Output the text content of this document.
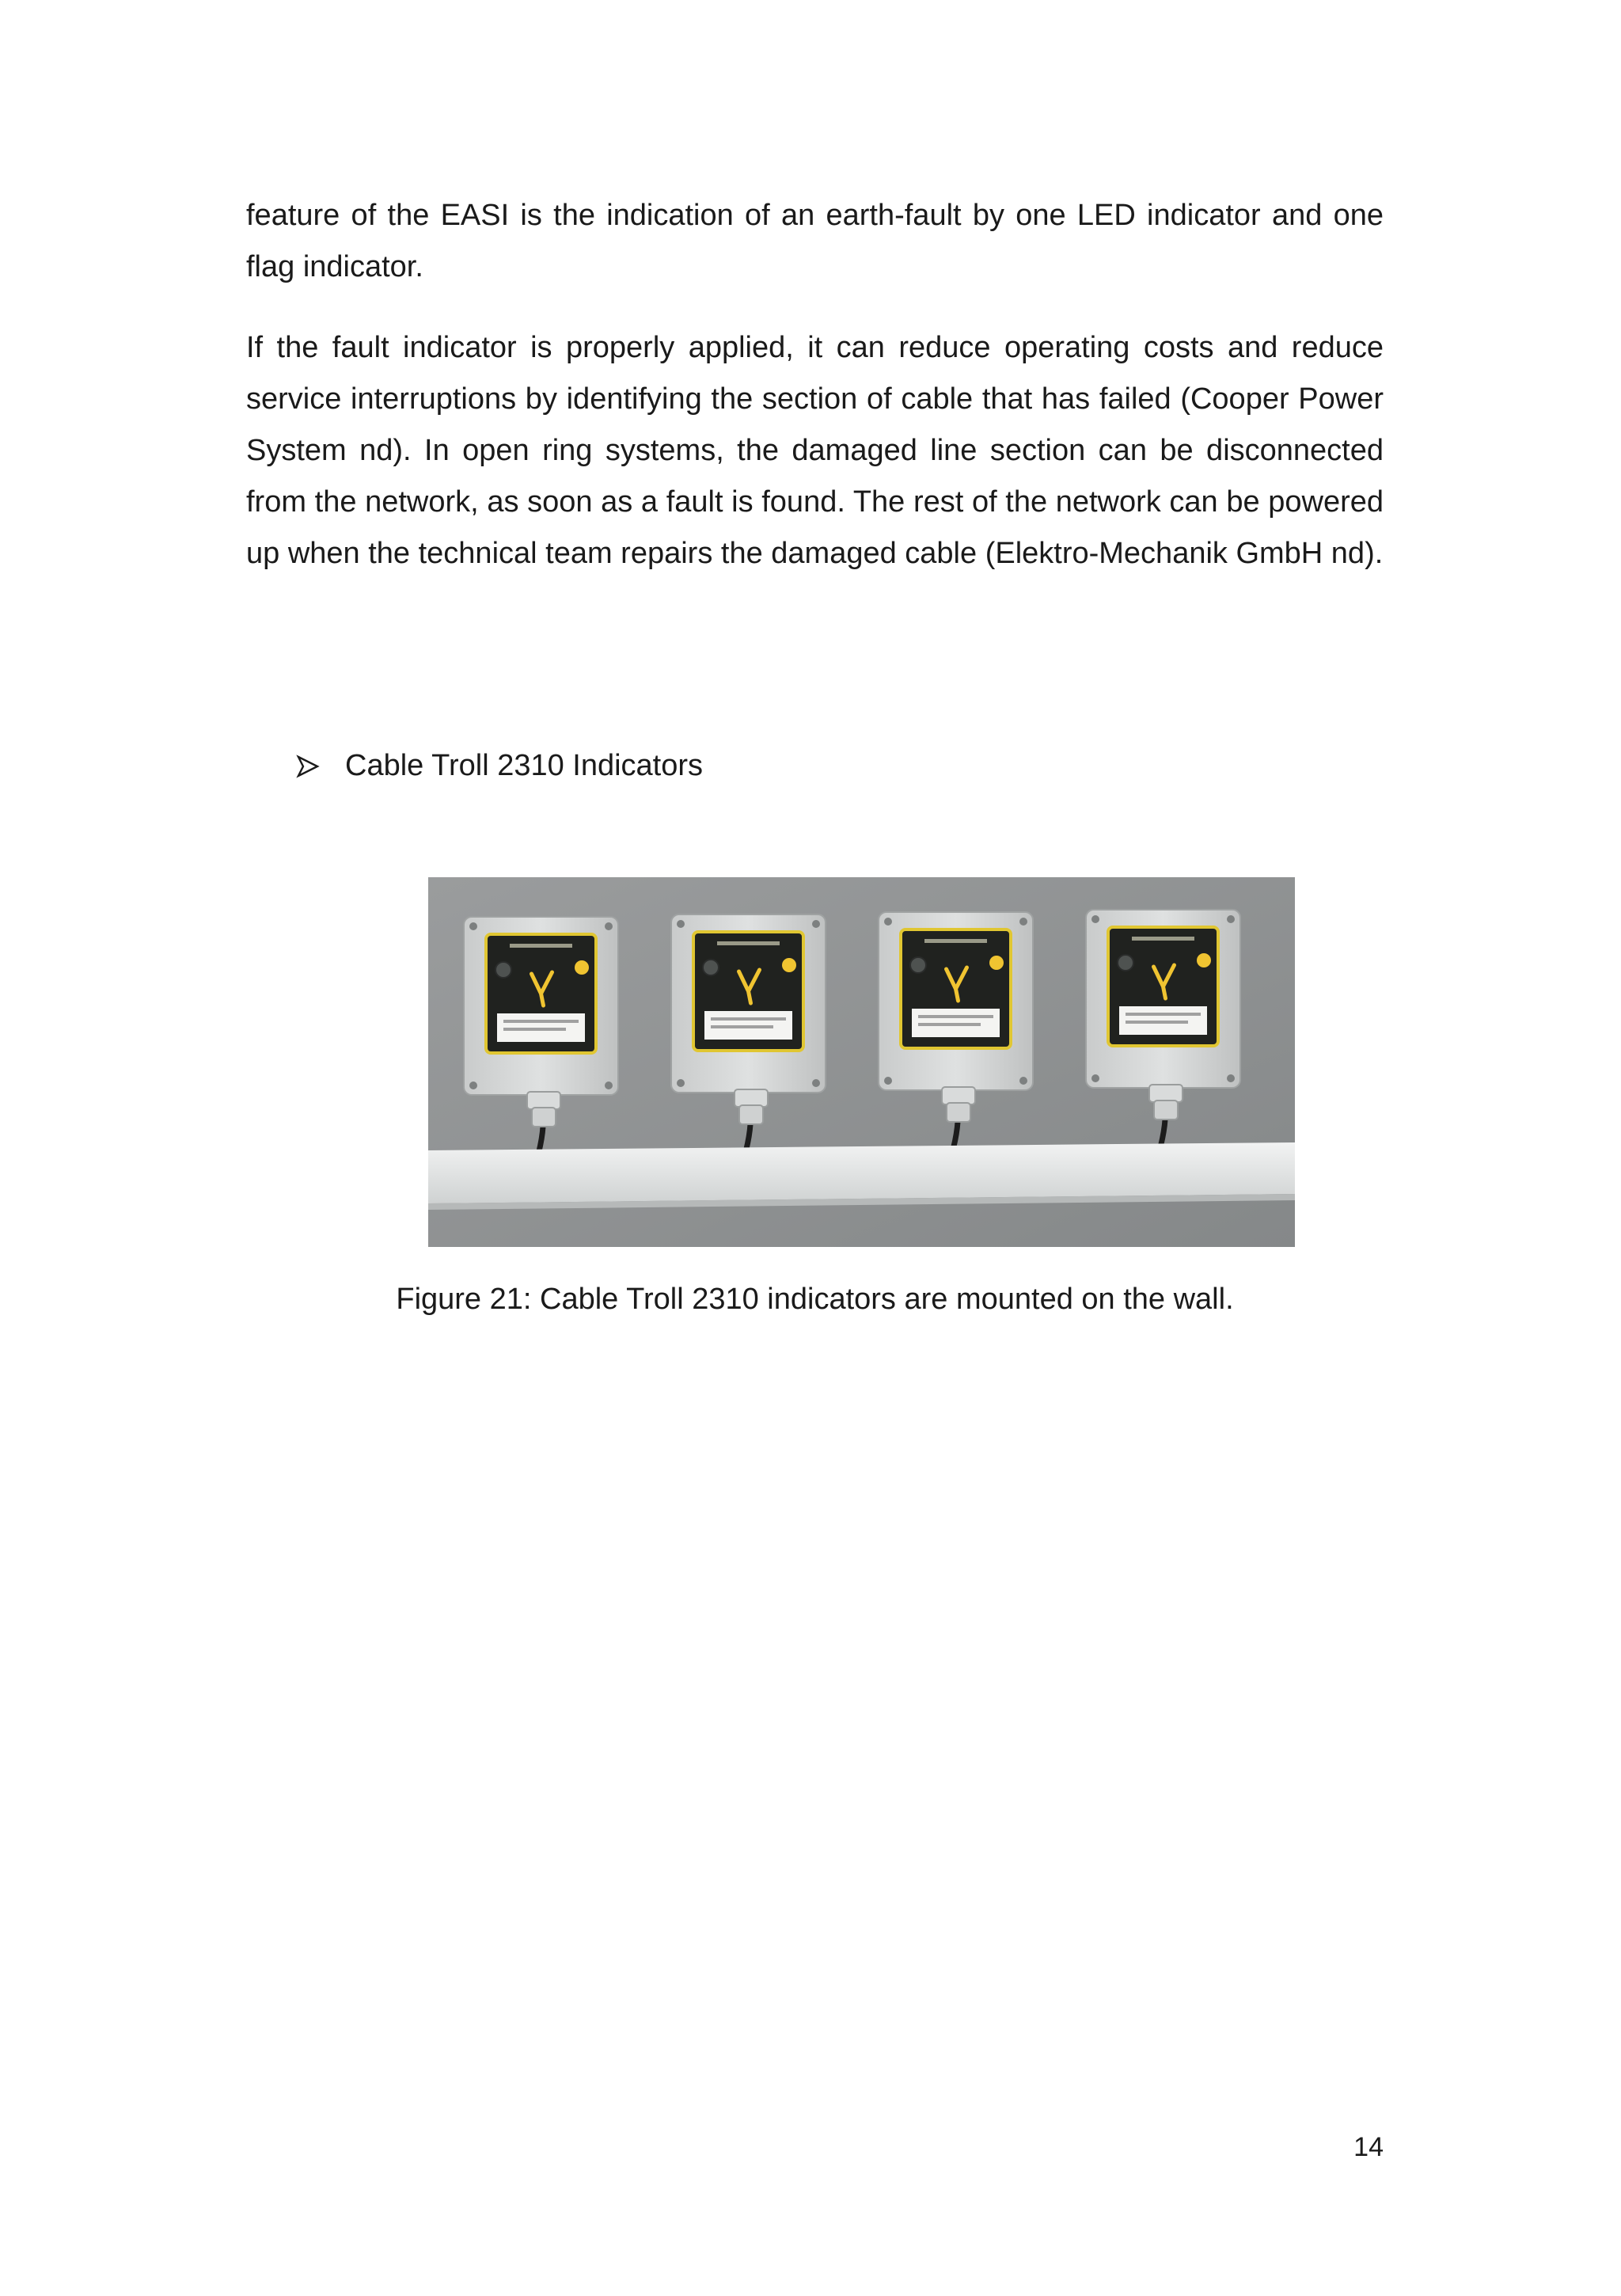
feature of the EASI is the indication of an earth-fault by one LED indicator and one flag indicator.

If the fault indicator is properly applied, it can reduce operating costs and reduce service interruptions by identifying the section of cable that has failed (Cooper Power System nd). In open ring systems, the damaged line section can be disconnected from the network, as soon as a fault is found. The rest of the network can be powered up when the technical team repairs the damaged cable (Elektro-Mechanik GmbH nd).

Cable Troll 2310 Indicators
Figure 21: Cable Troll 2310 indicators are mounted on the wall.
14
